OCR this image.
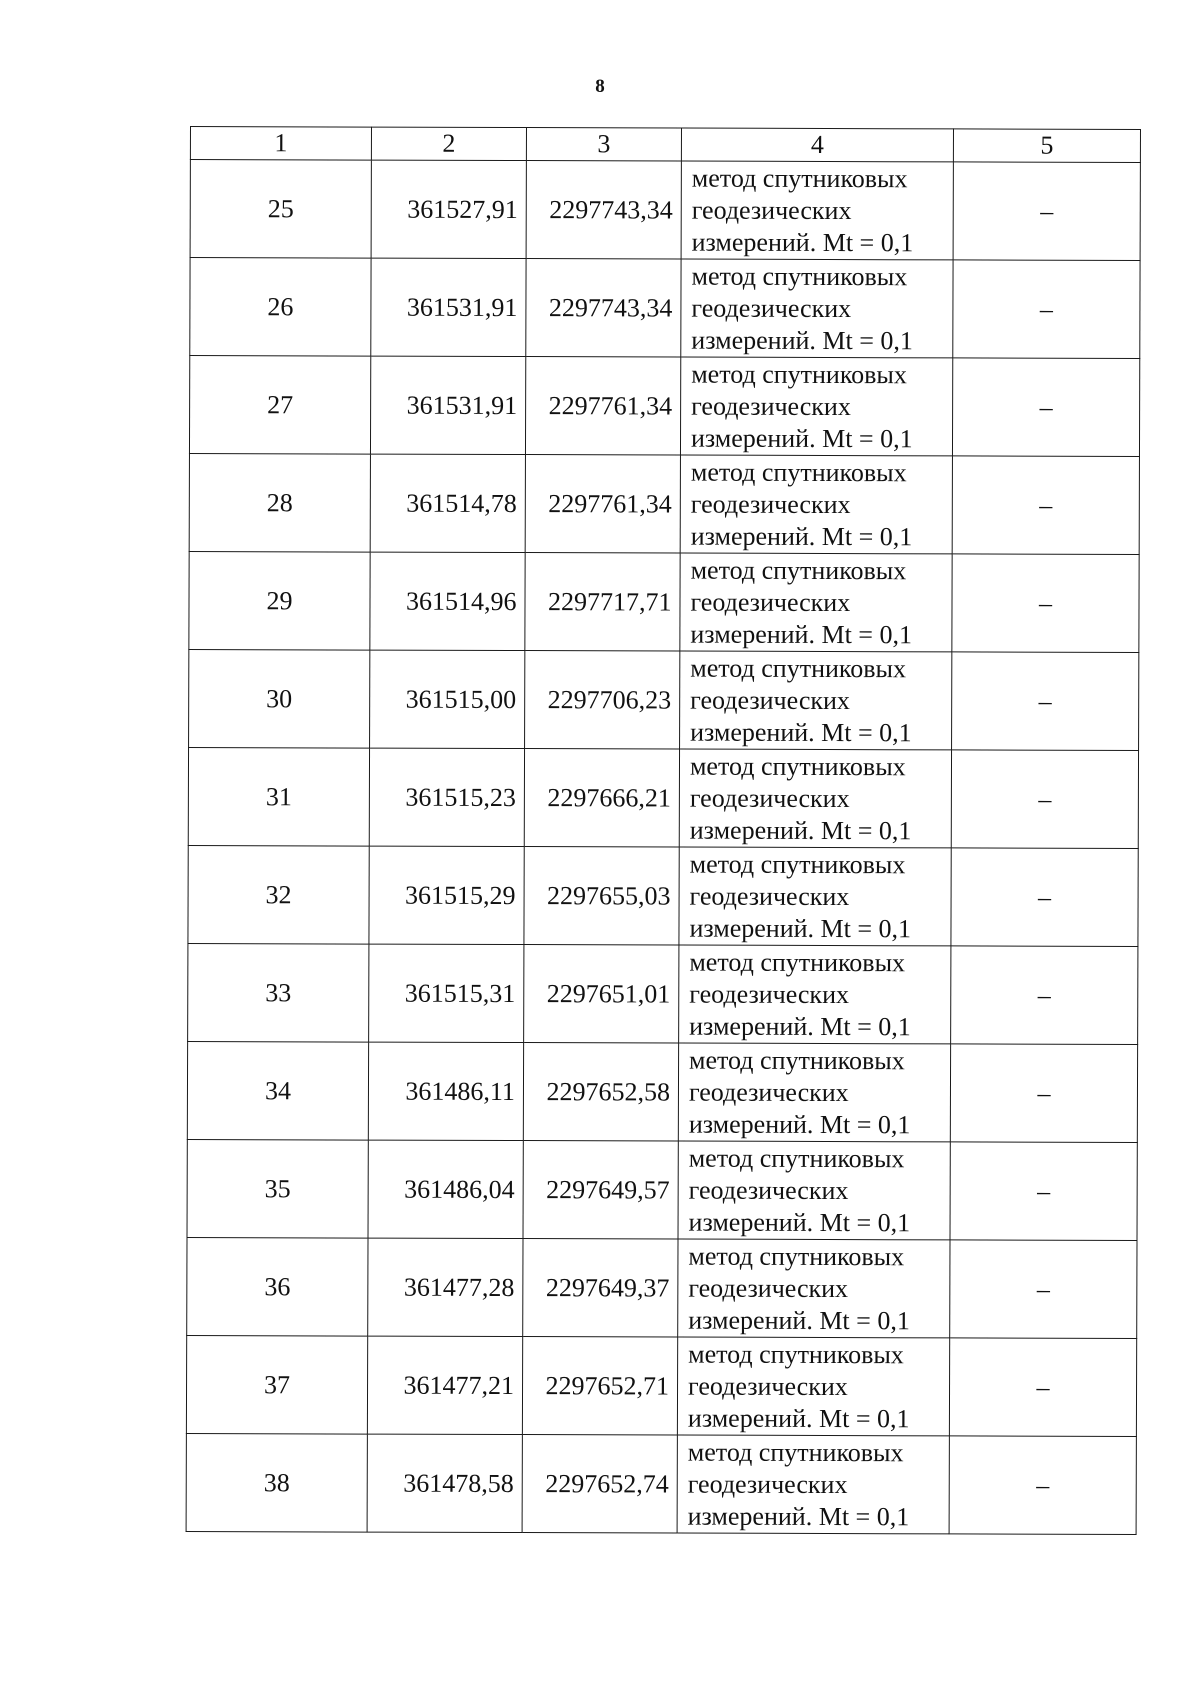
8
1	2	3	4	5
25	361527,91	2297743,34	метод спутниковых
геодезических
измерений. Mt = 0,1	–
26	361531,91	2297743,34	метод спутниковых
геодезических
измерений. Mt = 0,1	–
27	361531,91	2297761,34	метод спутниковых
геодезических
измерений. Mt = 0,1	–
28	361514,78	2297761,34	метод спутниковых
геодезических
измерений. Mt = 0,1	–
29	361514,96	2297717,71	метод спутниковых
геодезических
измерений. Mt = 0,1	–
30	361515,00	2297706,23	метод спутниковых
геодезических
измерений. Mt = 0,1	–
31	361515,23	2297666,21	метод спутниковых
геодезических
измерений. Mt = 0,1	–
32	361515,29	2297655,03	метод спутниковых
геодезических
измерений. Mt = 0,1	–
33	361515,31	2297651,01	метод спутниковых
геодезических
измерений. Mt = 0,1	–
34	361486,11	2297652,58	метод спутниковых
геодезических
измерений. Mt = 0,1	–
35	361486,04	2297649,57	метод спутниковых
геодезических
измерений. Mt = 0,1	–
36	361477,28	2297649,37	метод спутниковых
геодезических
измерений. Mt = 0,1	–
37	361477,21	2297652,71	метод спутниковых
геодезических
измерений. Mt = 0,1	–
38	361478,58	2297652,74	метод спутниковых
геодезических
измерений. Mt = 0,1	–
